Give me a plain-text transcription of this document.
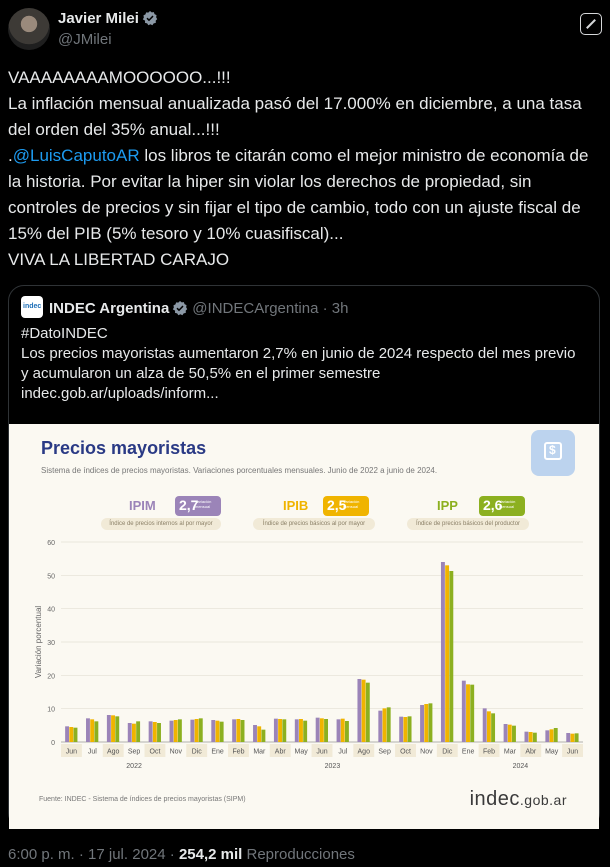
Javier Milei
@JMilei

VAAAAAAAAMOOOOOO...!!!

La inflación mensual anualizada pasó del 17.000% en diciembre, a una tasa del orden del 35% anual...!!!

.@LuisCaputoAR los libros te citarán como el mejor ministro de economía de la historia. Por evitar la hiper sin violar los derechos de propiedad, sin controles de precios y sin fijar el tipo de cambio, todo con un ajuste fiscal de 15% del PIB (5% tesoro y 10% cuasifiscal)...

VIVA LA LIBERTAD CARAJO

indec INDEC Argentina @INDECArgentina · 3h

#DatoINDEC

Los precios mayoristas aumentaron 2,7% en junio de 2024 respecto del mes previo y acumularon un alza de 50,5% en el primer semestre

indec.gob.ar/uploads/inform...

Precios mayoristas
Sistema de índices de precios mayoristas. Variaciones porcentuales mensuales. Junio de 2022 a junio de 2024.
$
IPIM 2,7
Variación mensual
Índice de precios internos al por mayor
IPIB 2,5
Variación mensual
Índice de precios básicos al por mayor
IPP 2,6
Variación mensual
Índice de precios básicos del productor
0
10
20
30
40
50
60
Variación porcentual
Jun Jul Ago Sep Oct Nov Dic Ene Feb Mar Abr May Jun Jul Ago Sep Oct Nov Dic Ene Feb Mar Abr May Jun
2022	2023	2024
Fuente: INDEC - Sistema de índices de precios mayoristas (SIPM)	indec.gob.ar
6:00 p. m. · 17 jul. 2024 · 254,2 mil Reproducciones
